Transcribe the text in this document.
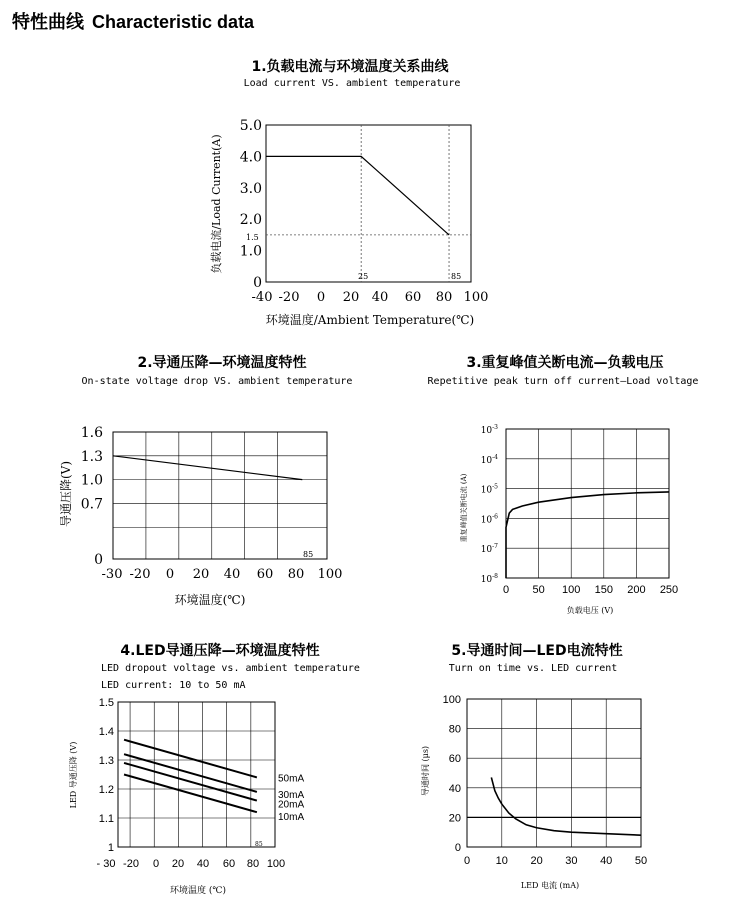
特性曲线 Characteristic data
1.负载电流与环境温度关系曲线
Load current VS. ambient temperature
0
1.0
2.0
3.0
4.0
5.0
-40 -20 0 20 40 60 80 100
负载电流/Load Current(A)
环境温度/Ambient Temperature(℃)
25	85
1.5
2.导通压降—环境温度特性
On-state voltage drop VS. ambient temperature
0
0.7
1.0
1.3
1.6
-30 -20 0 20 40 60 80 100
导通压降(V)
环境温度(℃)
85
3.重复峰值关断电流—负载电压
Repetitive peak turn off current—Load voltage
$10^{-8}$
$10^{-7}$
$10^{-6}$
$10^{-5}$
$10^{-4}$
$10^{-3}$
0 50 100 150 200 250
重复峰值关断电流 (A)
负载电压 (V)
4.LED导通压降—环境温度特性
LED dropout voltage vs. ambient temperature
LED current: 10 to 50 mA
1
1.1
1.2
1.3
1.4
1.5
- 30 -20 0 20 40 60 80 100
LED 导通压降 (V)
环境温度 (℃)
85
50mA
30mA
20mA
10mA
5.导通时间—LED电流特性
Turn on time vs. LED current
0
20
40
60
80
100
0 10 20 30 40 50
导通时间 (μs)
LED 电流 (mA)
